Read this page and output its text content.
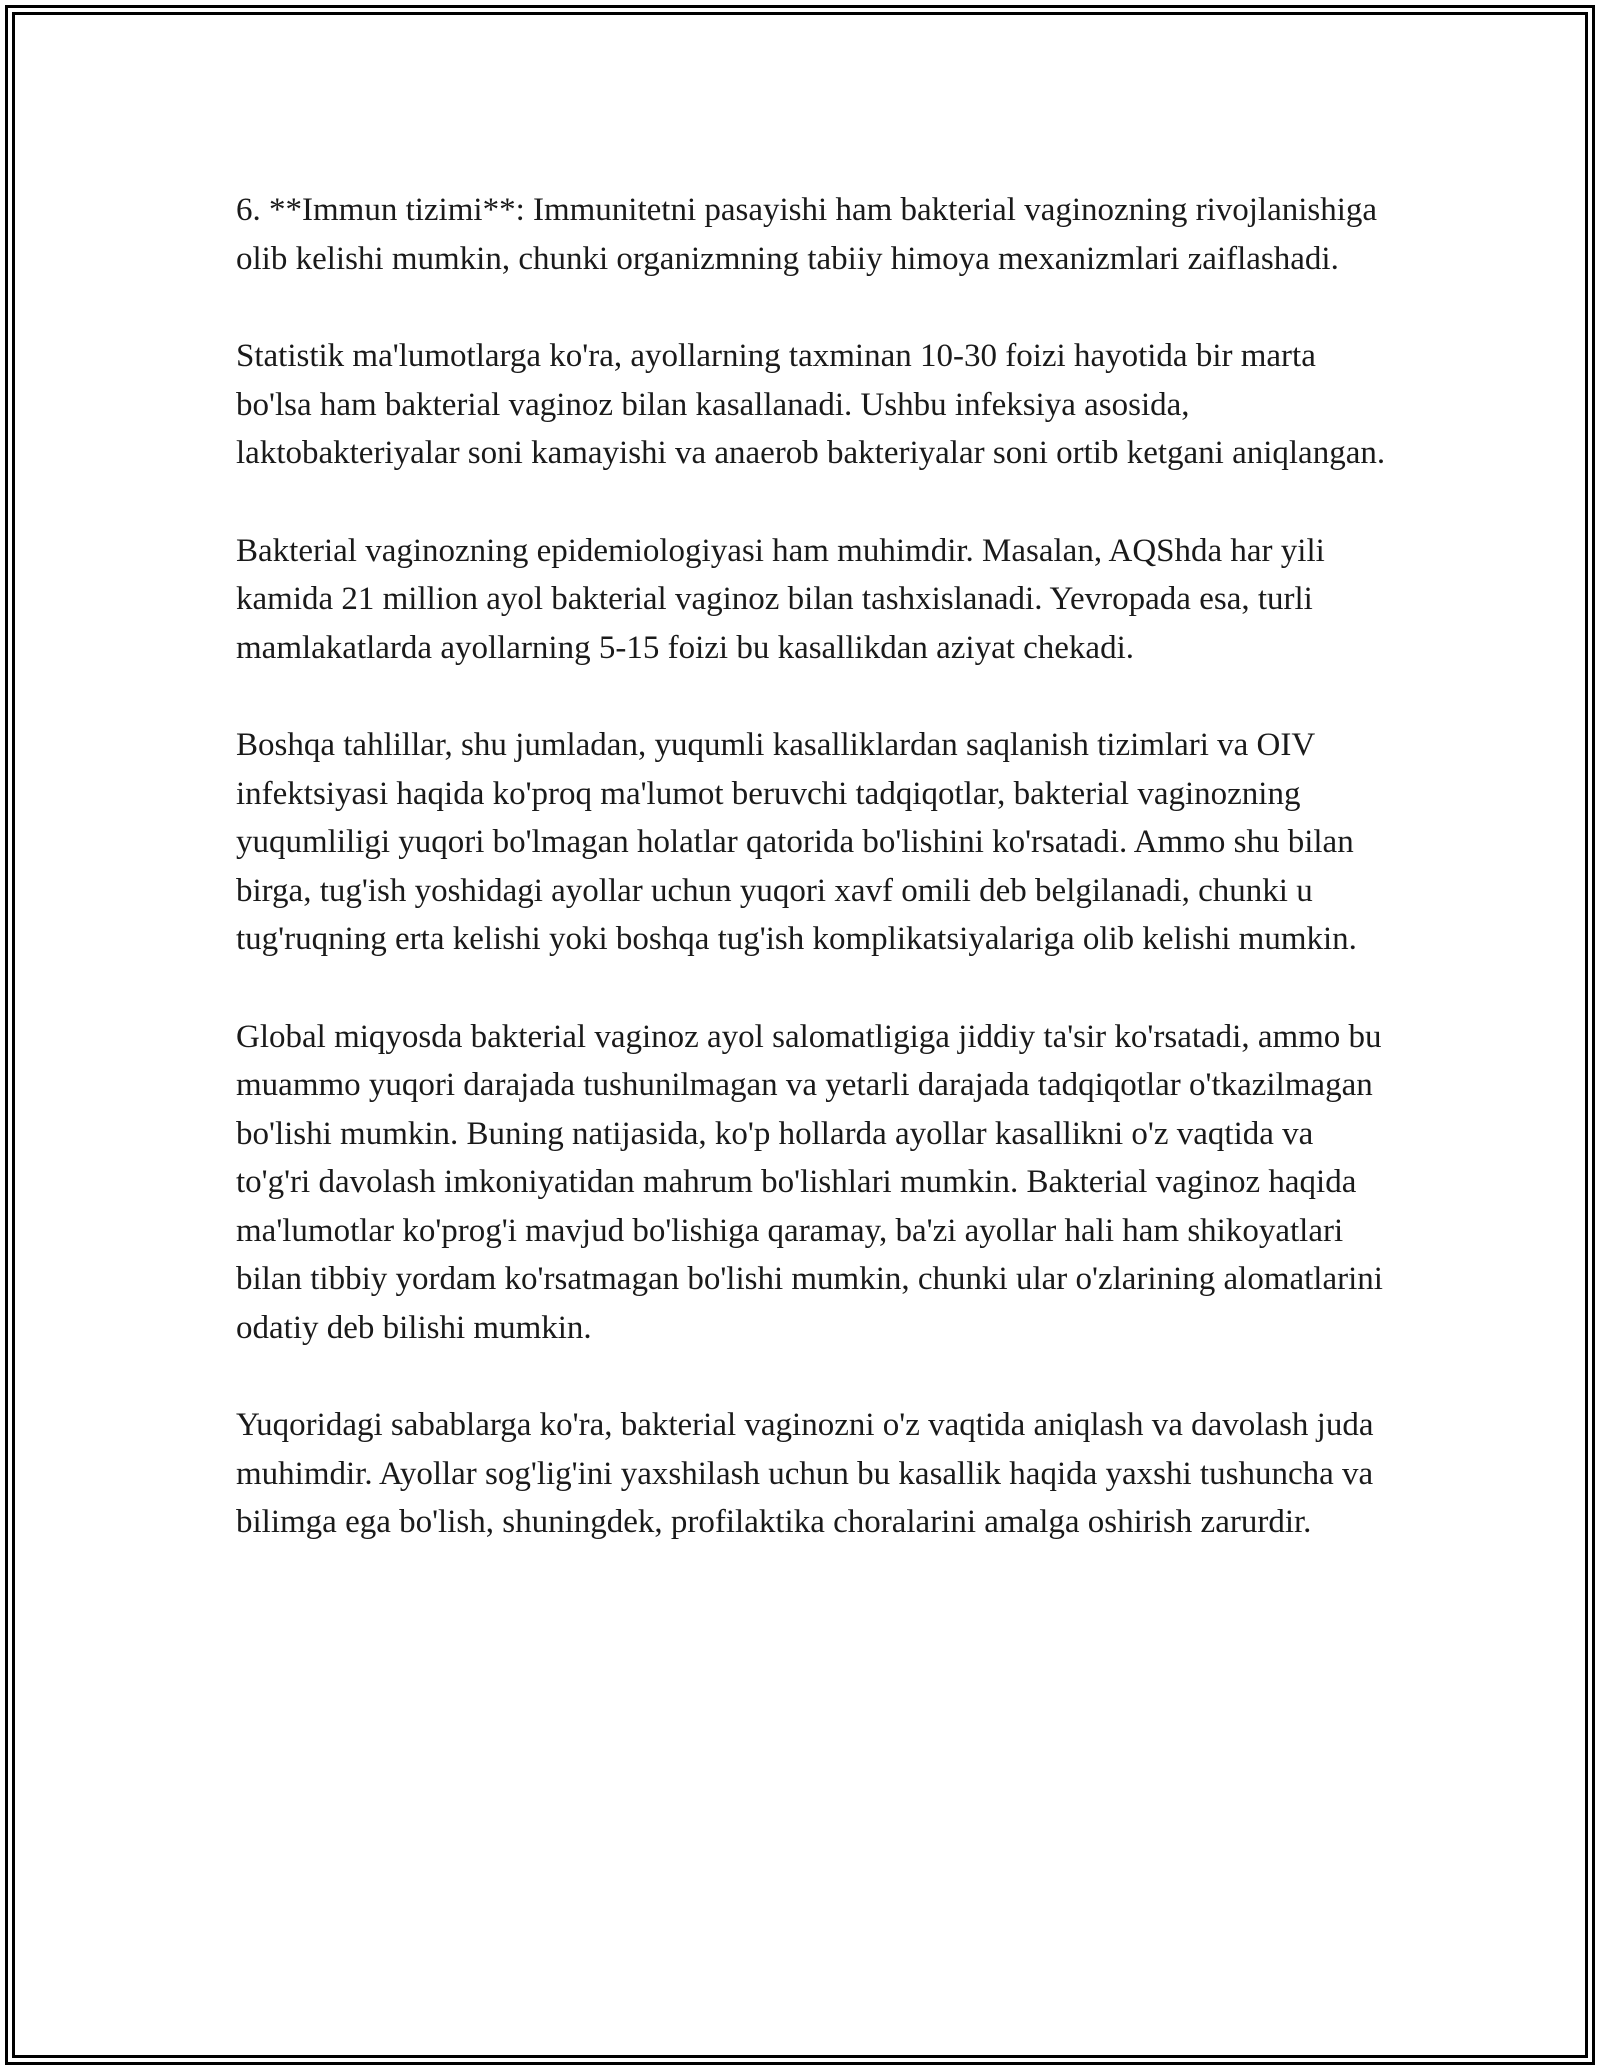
6. **Immun tizimi**: Immunitetni pasayishi ham bakterial vaginozning rivojlanishiga olib kelishi mumkin, chunki organizmning tabiiy himoya mexanizmlari zaiflashadi.

Statistik ma'lumotlarga ko'ra, ayollarning taxminan 10-30 foizi hayotida bir marta bo'lsa ham bakterial vaginoz bilan kasallanadi. Ushbu infeksiya asosida, laktobakteriyalar soni kamayishi va anaerob bakteriyalar soni ortib ketgani aniqlangan.

Bakterial vaginozning epidemiologiyasi ham muhimdir. Masalan, AQShda har yili kamida 21 million ayol bakterial vaginoz bilan tashxislanadi. Yevropada esa, turli mamlakatlarda ayollarning 5-15 foizi bu kasallikdan aziyat chekadi.

Boshqa tahlillar, shu jumladan, yuqumli kasalliklardan saqlanish tizimlari va OIV infektsiyasi haqida ko'proq ma'lumot beruvchi tadqiqotlar, bakterial vaginozning yuqumliligi yuqori bo'lmagan holatlar qatorida bo'lishini ko'rsatadi. Ammo shu bilan birga, tug'ish yoshidagi ayollar uchun yuqori xavf omili deb belgilanadi, chunki u tug'ruqning erta kelishi yoki boshqa tug'ish komplikatsiyalariga olib kelishi mumkin.

Global miqyosda bakterial vaginoz ayol salomatligiga jiddiy ta'sir ko'rsatadi, ammo bu muammo yuqori darajada tushunilmagan va yetarli darajada tadqiqotlar o'tkazilmagan bo'lishi mumkin. Buning natijasida, ko'p hollarda ayollar kasallikni o'z vaqtida va to'g'ri davolash imkoniyatidan mahrum bo'lishlari mumkin. Bakterial vaginoz haqida ma'lumotlar ko'prog'i mavjud bo'lishiga qaramay, ba'zi ayollar hali ham shikoyatlari bilan tibbiy yordam ko'rsatmagan bo'lishi mumkin, chunki ular o'zlarining alomatlarini odatiy deb bilishi mumkin.

Yuqoridagi sabablarga ko'ra, bakterial vaginozni o'z vaqtida aniqlash va davolash juda muhimdir. Ayollar sog'lig'ini yaxshilash uchun bu kasallik haqida yaxshi tushuncha va bilimga ega bo'lish, shuningdek, profilaktika choralarini amalga oshirish zarurdir.
